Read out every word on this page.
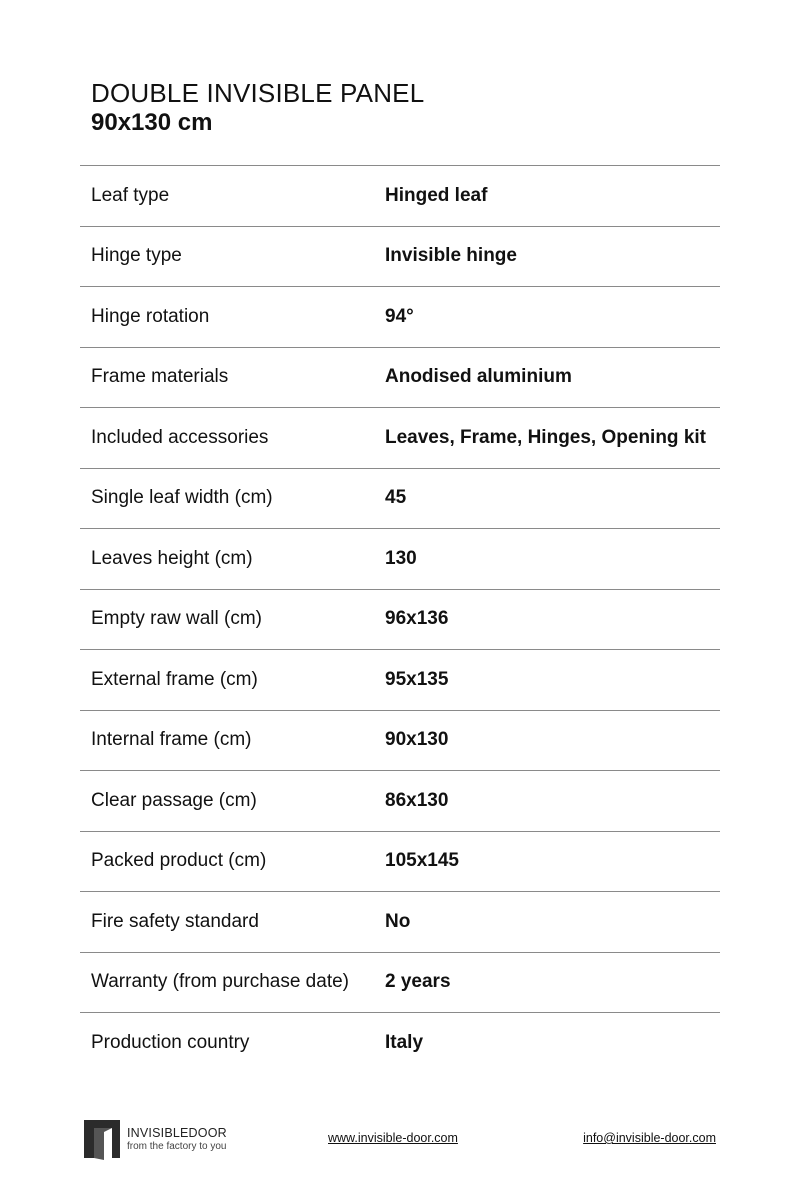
DOUBLE INVISIBLE PANEL
90x130 cm
Leaf type	Hinged leaf
Hinge type	Invisible hinge
Hinge rotation	94°
Frame materials	Anodised aluminium
Included accessories	Leaves, Frame, Hinges, Opening kit
Single leaf width (cm)	45
Leaves height (cm)	130
Empty raw wall (cm)	96x136
External frame (cm)	95x135
Internal frame (cm)	90x130
Clear passage (cm)	86x130
Packed product (cm)	105x145
Fire safety standard	No
Warranty (from purchase date)	2 years
Production country	Italy
INVISIBLEDOOR
from the factory to you
www.invisible-door.com	info@invisible-door.com
